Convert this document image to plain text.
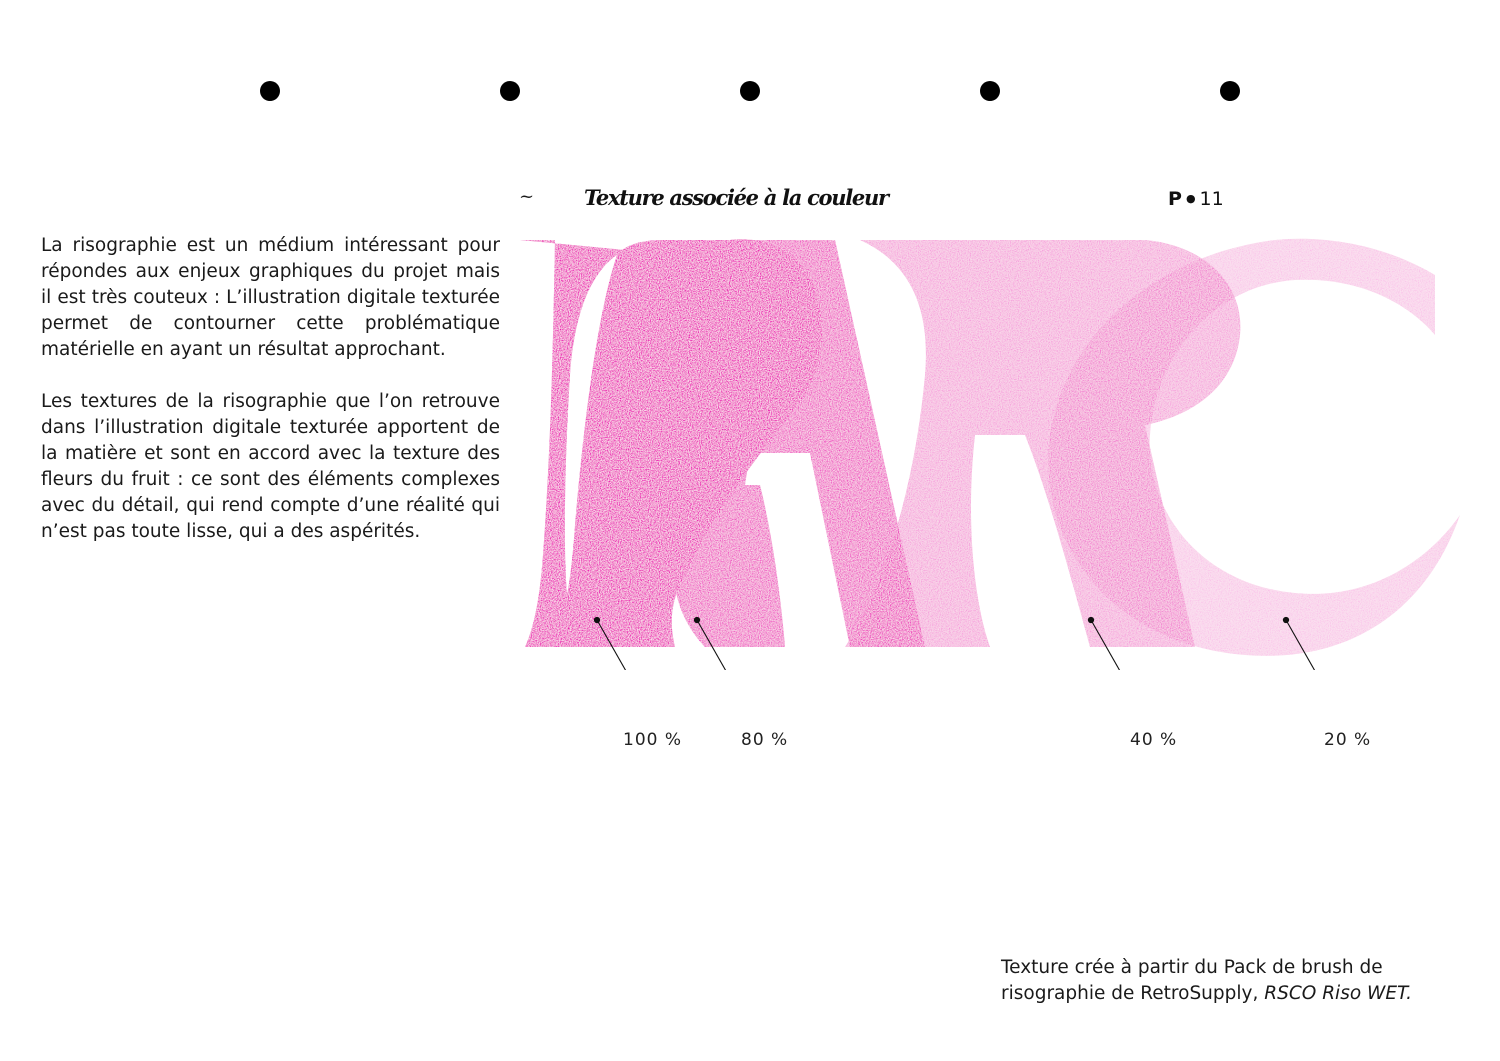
~ Texture associée à la couleur	P ● 11

La risographie est un médium intéressant pour répondes aux enjeux graphiques du projet mais il est très couteux : L’illustration digitale texturée permet de contourner cette problématique matérielle en ayant un résultat approchant.

Les textures de la risographie que l’on retrouve dans l’illustration digitale texturée apportent de la matière et sont en accord avec la texture des fleurs du fruit : ce sont des éléments complexes avec du détail, qui rend compte d’une réalité qui n’est pas toute lisse, qui a des aspérités.

100 %	80 %	40 %	20 %
Texture crée à partir du Pack de brush de risographie de RetroSupply, RSCO Riso WET.
